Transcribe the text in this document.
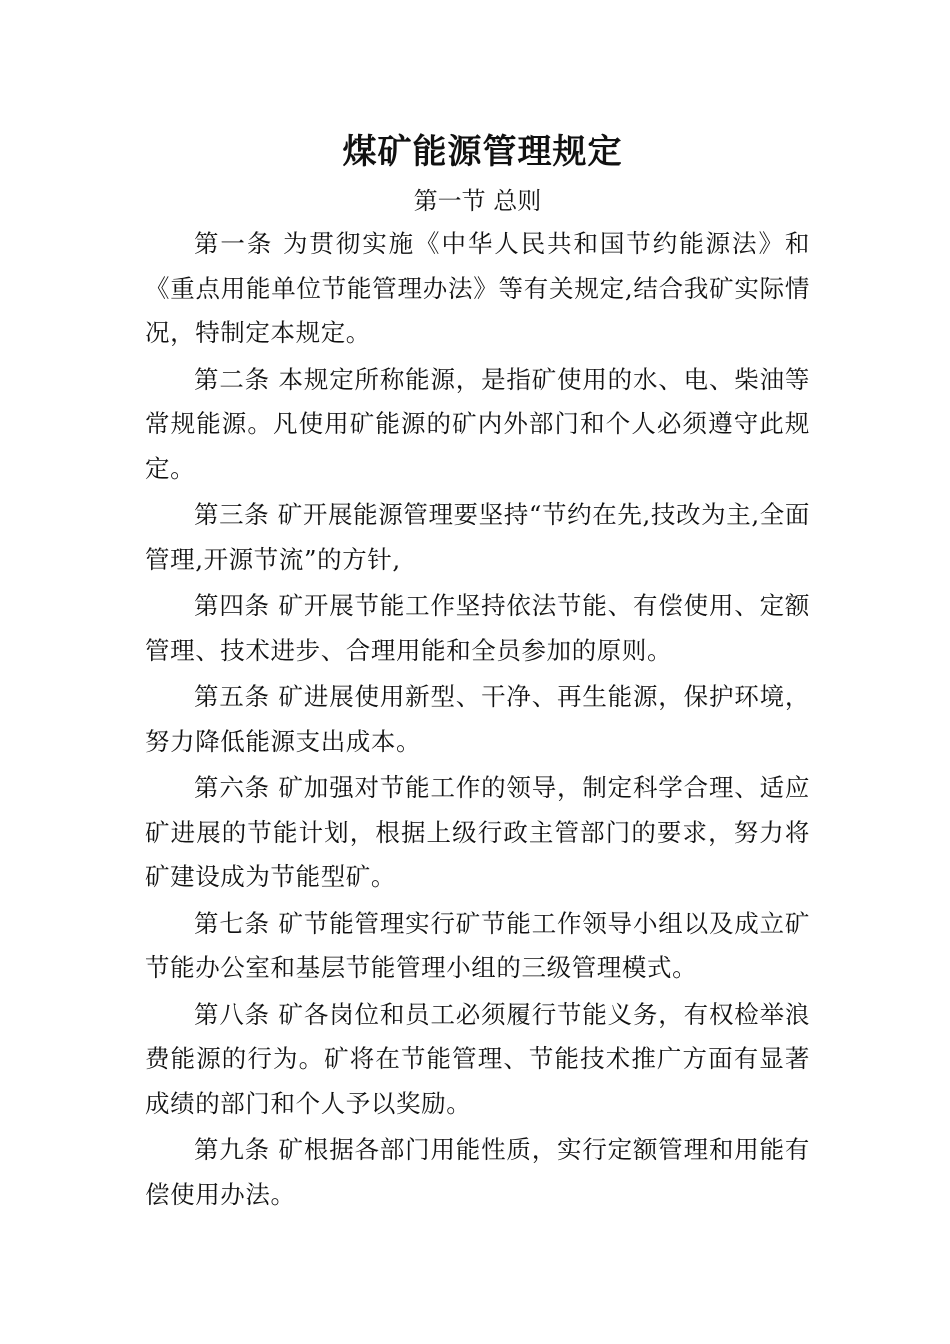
煤矿能源管理规定
第一节 总则

第一条 为贯彻实施《中华人民共和国节约能源法》和《重点用能单位节能管理办法》等有关规定,结合我矿实际情况，特制定本规定。

第二条 本规定所称能源，是指矿使用的水、电、柴油等常规能源。凡使用矿能源的矿内外部门和个人必须遵守此规定。

第三条 矿开展能源管理要坚持“节约在先,技改为主,全面管理,开源节流”的方针,

第四条 矿开展节能工作坚持依法节能、有偿使用、定额管理、技术进步、合理用能和全员参加的原则。

第五条 矿进展使用新型、干净、再生能源，保护环境，努力降低能源支出成本。

第六条 矿加强对节能工作的领导，制定科学合理、适应矿进展的节能计划，根据上级行政主管部门的要求，努力将矿建设成为节能型矿。

第七条 矿节能管理实行矿节能工作领导小组以及成立矿节能办公室和基层节能管理小组的三级管理模式。

第八条 矿各岗位和员工必须履行节能义务，有权检举浪费能源的行为。矿将在节能管理、节能技术推广方面有显著成绩的部门和个人予以奖励。

第九条 矿根据各部门用能性质，实行定额管理和用能有偿使用办法。
